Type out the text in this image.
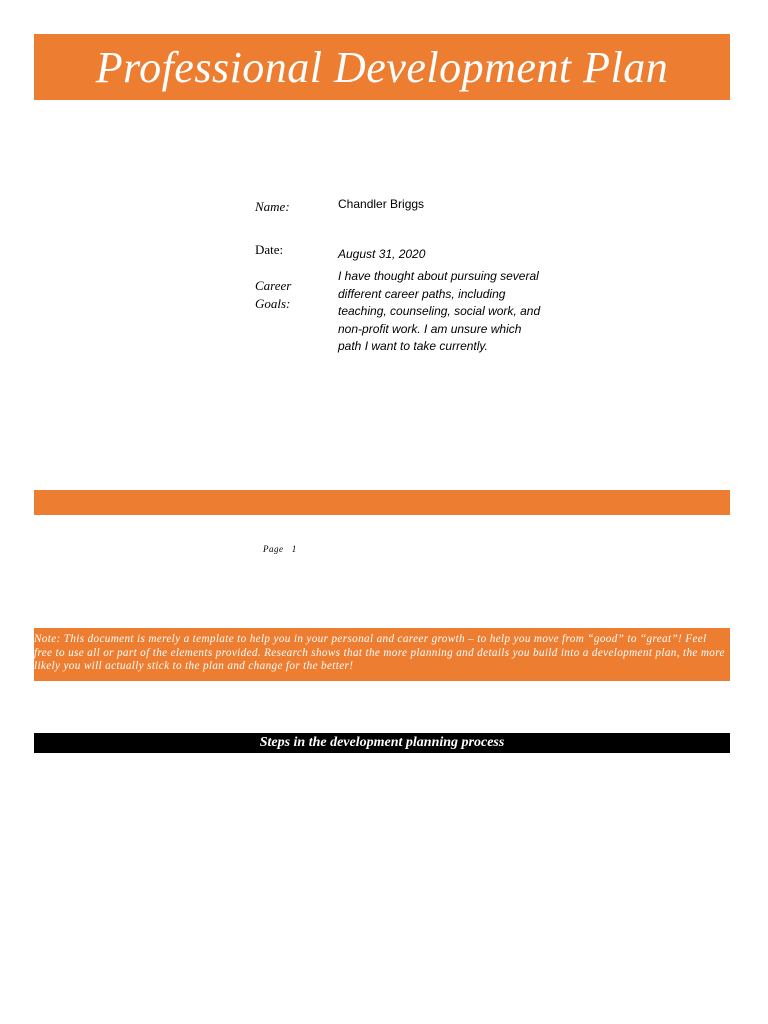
Professional Development Plan
Name:	Chandler Briggs
Date:	August 31, 2020
Career
Goals:
I have thought about pursuing several different career paths, including teaching, counseling, social work, and non-profit work. I am unsure which path I want to take currently.
Page 1
Note: This document is merely a template to help you in your personal and career growth – to help you move from “good” to “great”! Feel free to use all or part of the elements provided. Research shows that the more planning and details you build into a development plan, the more likely you will actually stick to the plan and change for the better!
Steps in the development planning process
